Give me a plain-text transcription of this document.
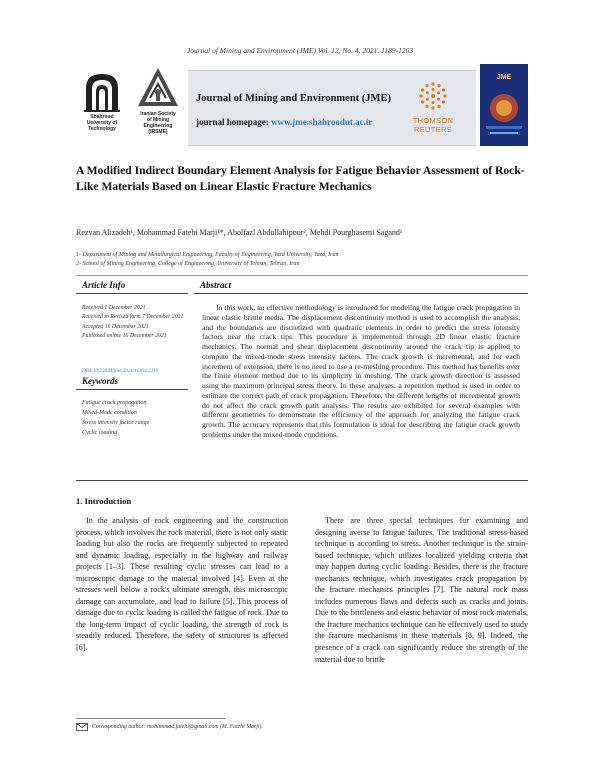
Journal of Mining and Environment (JME) Vol. 12, No. 4, 2021, 1189-1203
Shahrood
University of
Technology
Iranian Society
of Mining
Engineering
(IRSME)
Journal of Mining and Environment (JME)
journal homepage: www.jme.shahroodut.ac.ir	THOMSON
REUTERS
JME
A Modified Indirect Boundary Element Analysis for Fatigue Behavior Assessment of Rock-Like Materials Based on Linear Elastic Fracture Mechanics
Rezvan Alizadeh¹, Mohammad Fatehi Marji¹*, Abolfazl Abdollahipour², Mehdi Pourghasemi Sagand¹
1- Department of Mining and Metallurgical Engineering, Faculty of Engineering, Yazd University, Yazd, Iran
2- School of Mining Engineering, College of Engineering, University of Tehran, Tehran, Iran
Article Info
Received 1 December 2021
Received in Revised form 7 December 2021
Accepted 16 December 2021
Published online 16 December 2021
DOI:10.22044/jme.2021.11354.2119
Keywords
Fatigue crack propagation
Mixed-Mode condition
Stress intensity factor range
Cyclic loading
Abstract
In this work, an effective methodology is introduced for modeling the fatigue crack propagation in linear elastic brittle media. The displacement discontinuity method is used to accomplish the analysis, and the boundaries are discretized with quadratic elements in order to predict the stress intensity factors near the crack tips. This procedure is implemented through 2D linear elastic fracture mechanics. The normal and shear displacement discontinuity around the crack tip is applied to compute the mixed-mode stress intensity factors. The crack growth is incremental, and for each increment of extension, there is no need to use a re-meshing procedure. This method has benefits over the finite element method due to its simplicity in meshing. The crack growth direction is assessed using the maximum principal stress theory. In these analyses, a repetition method is used in order to estimate the correct path of crack propagation. Therefore, the different lengths of incremental growth do not affect the crack growth path analysis. The results are exhibited for several examples with different geometries to demonstrate the efficiency of the approach for analyzing the fatigue crack growth. The accuracy represents that this formulation is ideal for describing the fatigue crack growth problems under the mixed-mode conditions.
1. Introduction
In the analysis of rock engineering and the construction process, which involves the rock material, there is not only static loading but also the rocks are frequently subjected to repeated and dynamic loading, especially in the highway and railway projects [1–3]. These resulting cyclic stresses can lead to a microscopic damage to the material involved [4]. Even at the stresses well below a rock's ultimate strength, this microscopic damage can accumulate, and lead to failure [5]. This process of damage due to cyclic loading is called the fatigue of rock. Due to the long-term impact of cyclic loading, the strength of rock is steadily reduced. Therefore, the safety of structures is affected [6].
There are three special techniques for examining and designing averse to fatigue failures. The traditional stress-based technique is according to stress. Another technique is the strain-based technique, which utilizes localized yielding criteria that may happen during cyclic loading. Besides, there is the fracture mechanics technique, which investigates crack propagation by the fracture mechanics principles [7]. The natural rock mass includes numerous flaws and defects such as cracks and joints. Due to the brittleness and elastic behavior of most rock materials, the fracture mechanics technique can be effectively used to study the fracture mechanisms in these materials [8, 9]. Indeed, the presence of a crack can significantly reduce the strength of the material due to brittle
Corresponding author: mohammad.fatehi@gmail.com (M. Fatehi Marji).
